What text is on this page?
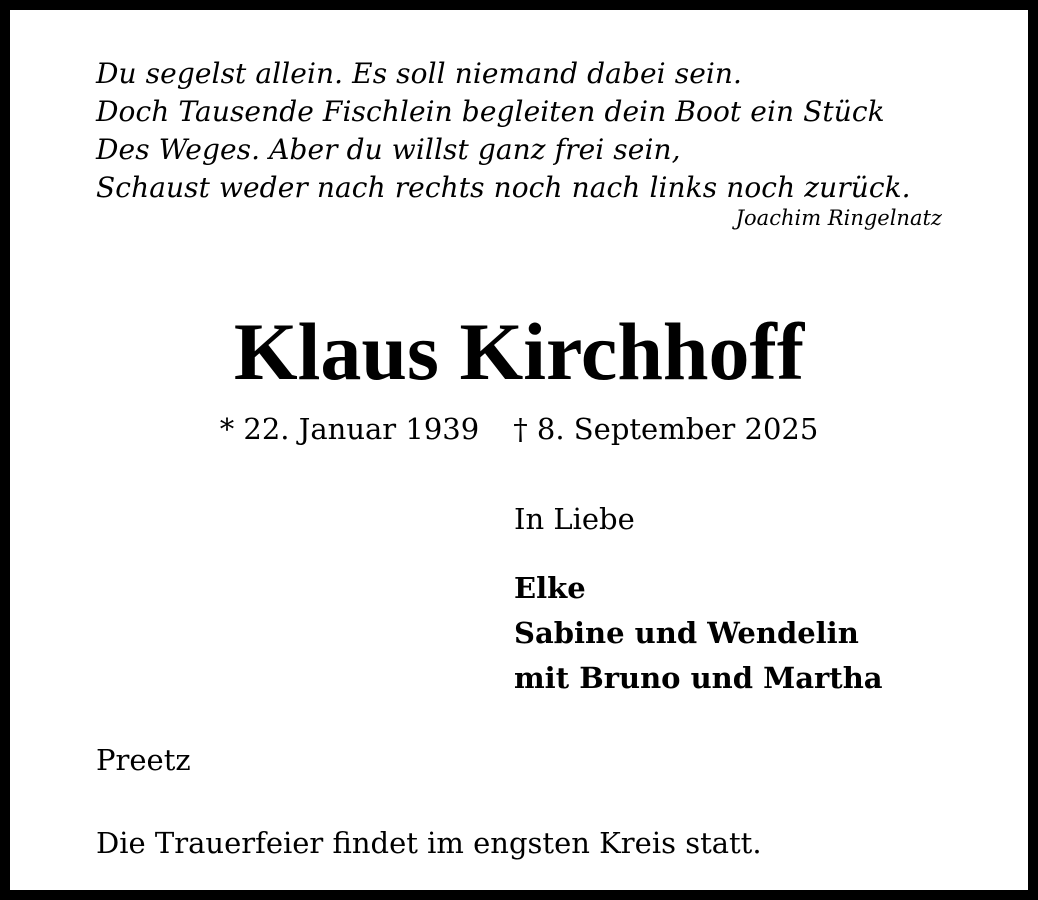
Du segelst allein. Es soll niemand dabei sein.
Doch Tausende Fischlein begleiten dein Boot ein Stück
Des Weges. Aber du willst ganz frei sein,
Schaust weder nach rechts noch nach links noch zurück.
Joachim Ringelnatz
Klaus Kirchhoff
* 22. Januar 1939 † 8. September 2025
In Liebe
Elke
Sabine und Wendelin
mit Bruno und Martha
Preetz
Die Trauerfeier findet im engsten Kreis statt.
